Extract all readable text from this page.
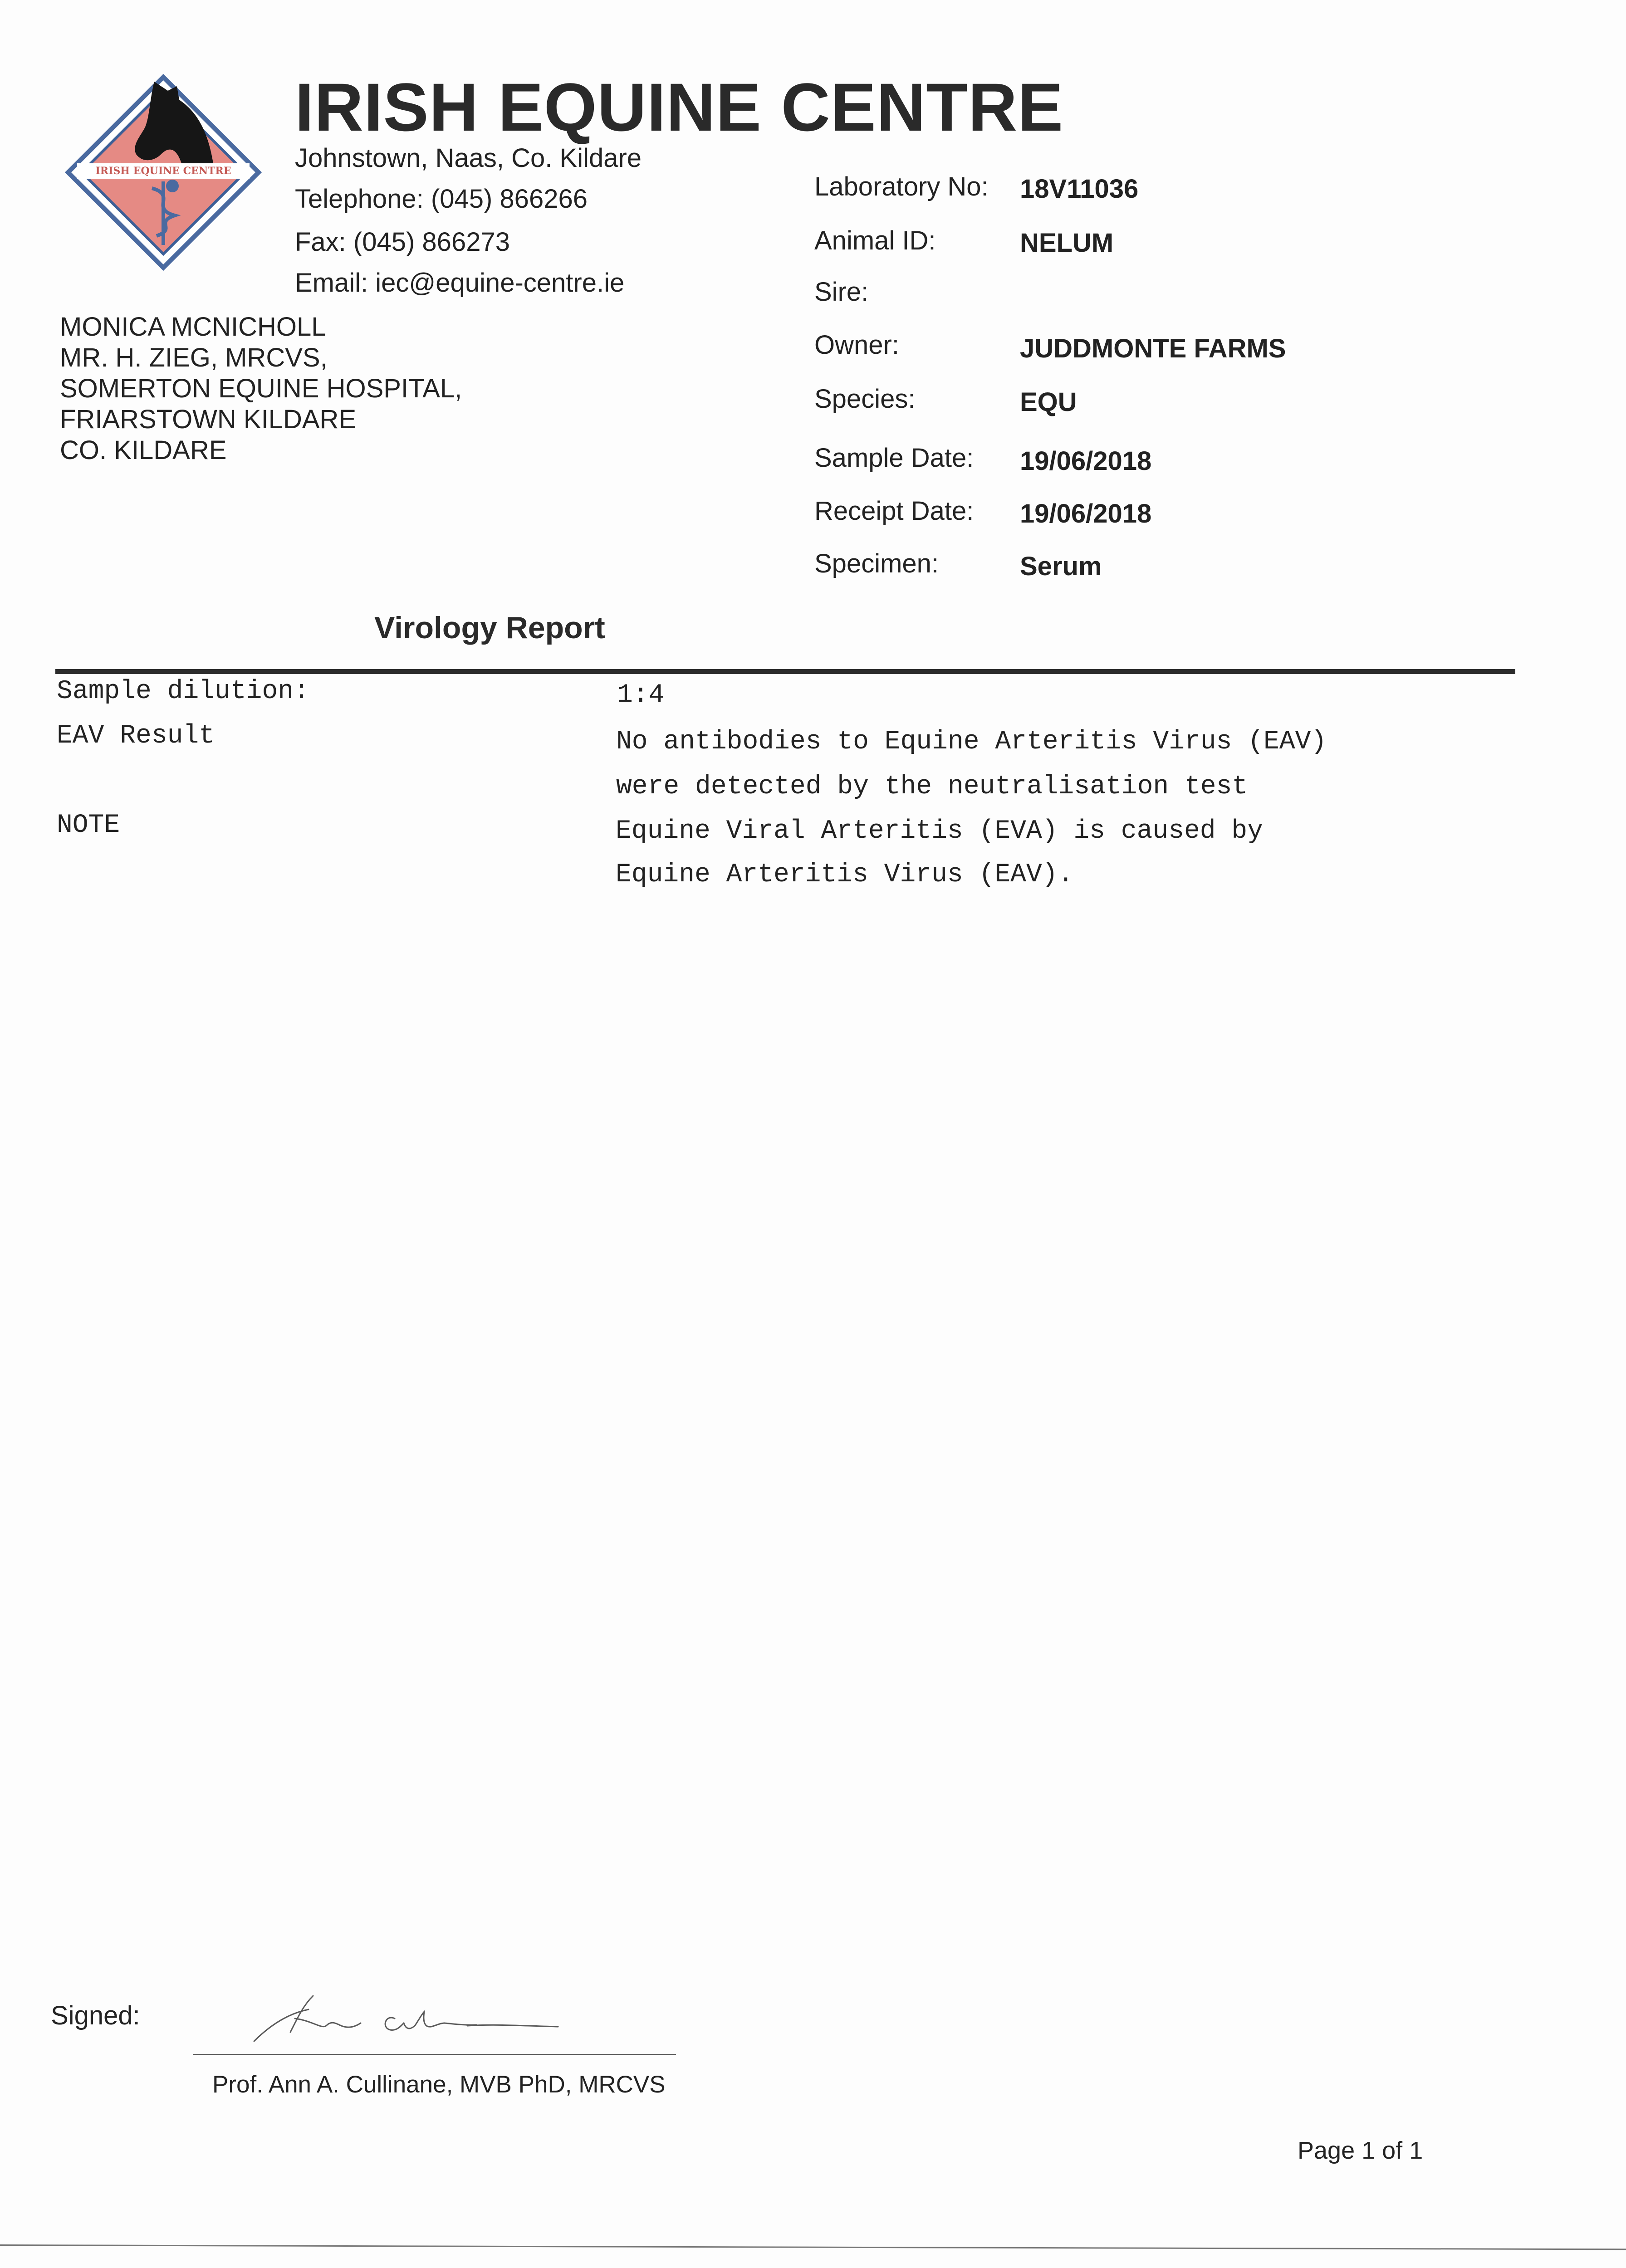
IRISH EQUINE CENTRE
IRISH EQUINE CENTRE
Johnstown, Naas, Co. Kildare
Telephone: (045) 866266
Fax: (045) 866273
Email: iec@equine-centre.ie
MONICA MCNICHOLL
MR. H. ZIEG, MRCVS,
SOMERTON EQUINE HOSPITAL,
FRIARSTOWN KILDARE
CO. KILDARE
Laboratory No: 18V11036
Animal ID:	NELUM
Sire:
Owner:	JUDDMONTE FARMS
Species:	EQU
Sample Date: 19/06/2018
Receipt Date: 19/06/2018
Specimen:	Serum
Virology Report
Sample dilution:	1:4
EAV Result	No antibodies to Equine Arteritis Virus (EAV)
were detected by the neutralisation test
NOTE	Equine Viral Arteritis (EVA) is caused by
Equine Arteritis Virus (EAV).
Signed:
Prof. Ann A. Cullinane, MVB PhD, MRCVS
Page 1 of 1
